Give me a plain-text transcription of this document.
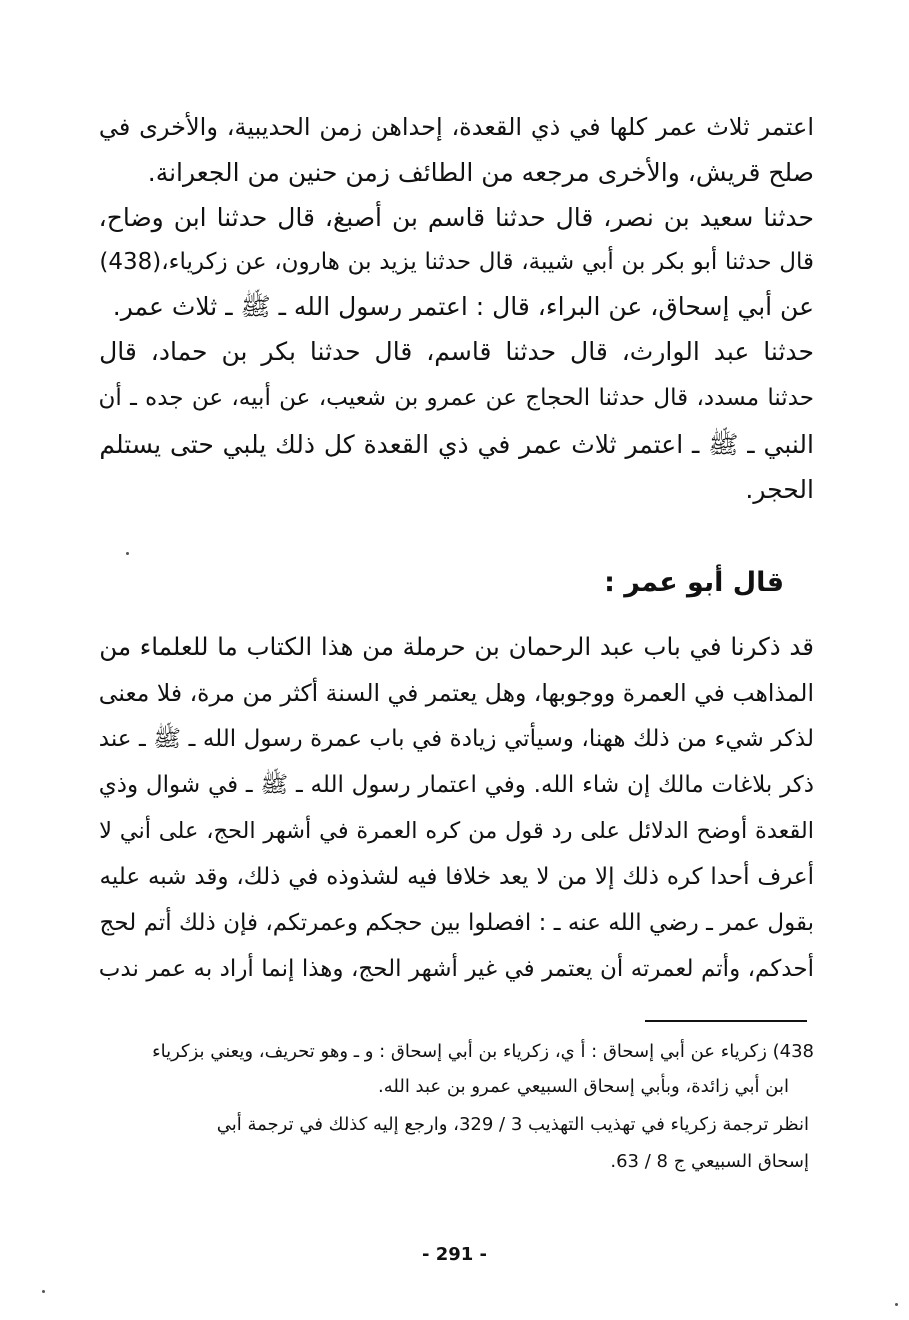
اعتمر ثلاث عمر كلها في ذي القعدة، إحداهن زمن الحديبية، والأخرى في
صلح قريش، والأخرى مرجعه من الطائف زمن حنين من الجعرانة.
حدثنا سعيد بن نصر، قال حدثنا قاسم بن أصبغ، قال حدثنا ابن وضاح،
قال حدثنا أبو بكر بن أبي شيبة، قال حدثنا يزيد بن هارون، عن زكرياء،(438)
عن أبي إسحاق، عن البراء، قال : اعتمر رسول الله ـ ﷺ ـ ثلاث عمر.
حدثنا عبد الوارث، قال حدثنا قاسم، قال حدثنا بكر بن حماد، قال
حدثنا مسدد، قال حدثنا الحجاج عن عمرو بن شعيب، عن أبيه، عن جده ـ أن
النبي ـ ﷺ ـ اعتمر ثلاث عمر في ذي القعدة كل ذلك يلبي حتى يستلم
الحجر.
قال أبو عمر :
قد ذكرنا في باب عبد الرحمان بن حرملة من هذا الكتاب ما للعلماء من
المذاهب في العمرة ووجوبها، وهل يعتمر في السنة أكثر من مرة، فلا معنى
لذكر شيء من ذلك ههنا، وسيأتي زيادة في باب عمرة رسول الله ـ ﷺ ـ عند
ذكر بلاغات مالك إن شاء الله. وفي اعتمار رسول الله ـ ﷺ ـ في شوال وذي
القعدة أوضح الدلائل على رد قول من كره العمرة في أشهر الحج، على أني لا
أعرف أحدا كره ذلك إلا من لا يعد خلافا فيه لشذوذه في ذلك، وقد شبه عليه
بقول عمر ـ رضي الله عنه ـ : افصلوا بين حجكم وعمرتكم، فإن ذلك أتم لحج
أحدكم، وأتم لعمرته أن يعتمر في غير أشهر الحج، وهذا إنما أراد به عمر ندب
438) زكرياء عن أبي إسحاق : أ ي، زكرياء بن أبي إسحاق : و ـ وهو تحريف، ويعني بزكرياء
ابن أبي زائدة، وبأبي إسحاق السبيعي عمرو بن عبد الله.
انظر ترجمة زكرياء في تهذيب التهذيب 3 / 329، وارجع إليه كذلك في ترجمة أبي
إسحاق السبيعي ج 8 / 63.
- 291 -
